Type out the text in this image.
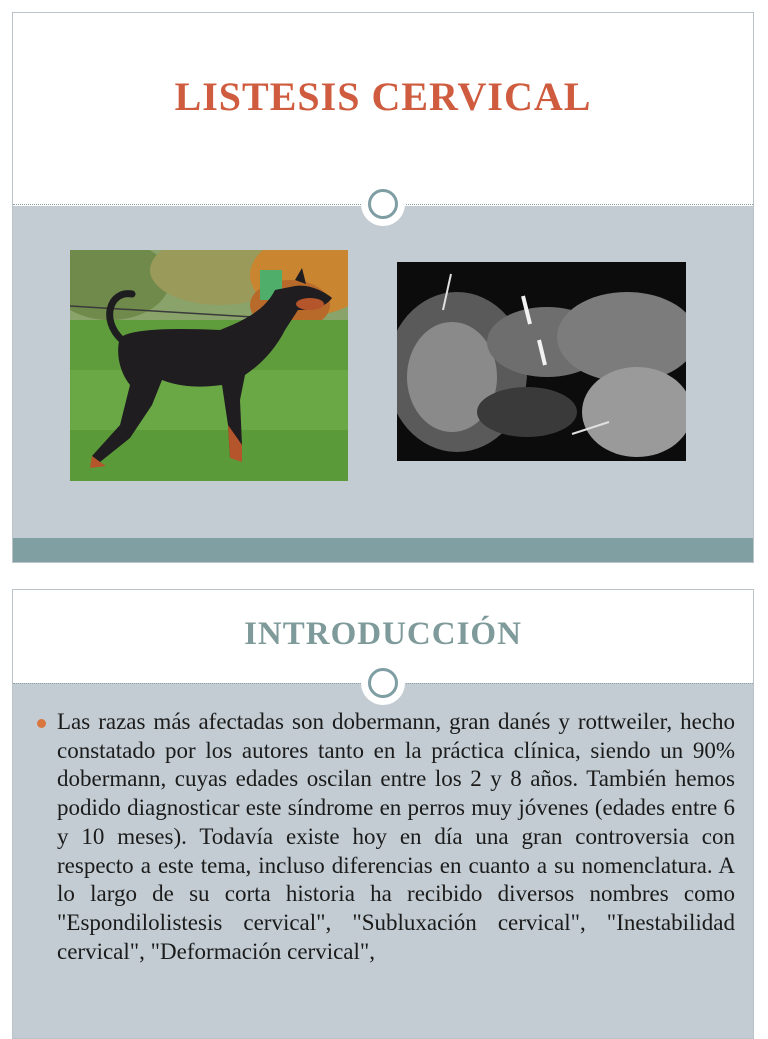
LISTESIS CERVICAL
INTRODUCCIÓN

Las razas más afectadas son dobermann, gran danés y rottweiler, hecho constatado por los autores tanto en la práctica clínica, siendo un 90% dobermann, cuyas edades oscilan entre los 2 y 8 años. También hemos podido diagnosticar este síndrome en perros muy jóvenes (edades entre 6 y 10 meses). Todavía existe hoy en día una gran controversia con respecto a este tema, incluso diferencias en cuanto a su nomenclatura. A lo largo de su corta historia ha recibido diversos nombres como "Espondilolistesis cervical", "Subluxación cervical", "Inestabilidad cervical", "Deformación cervical",
